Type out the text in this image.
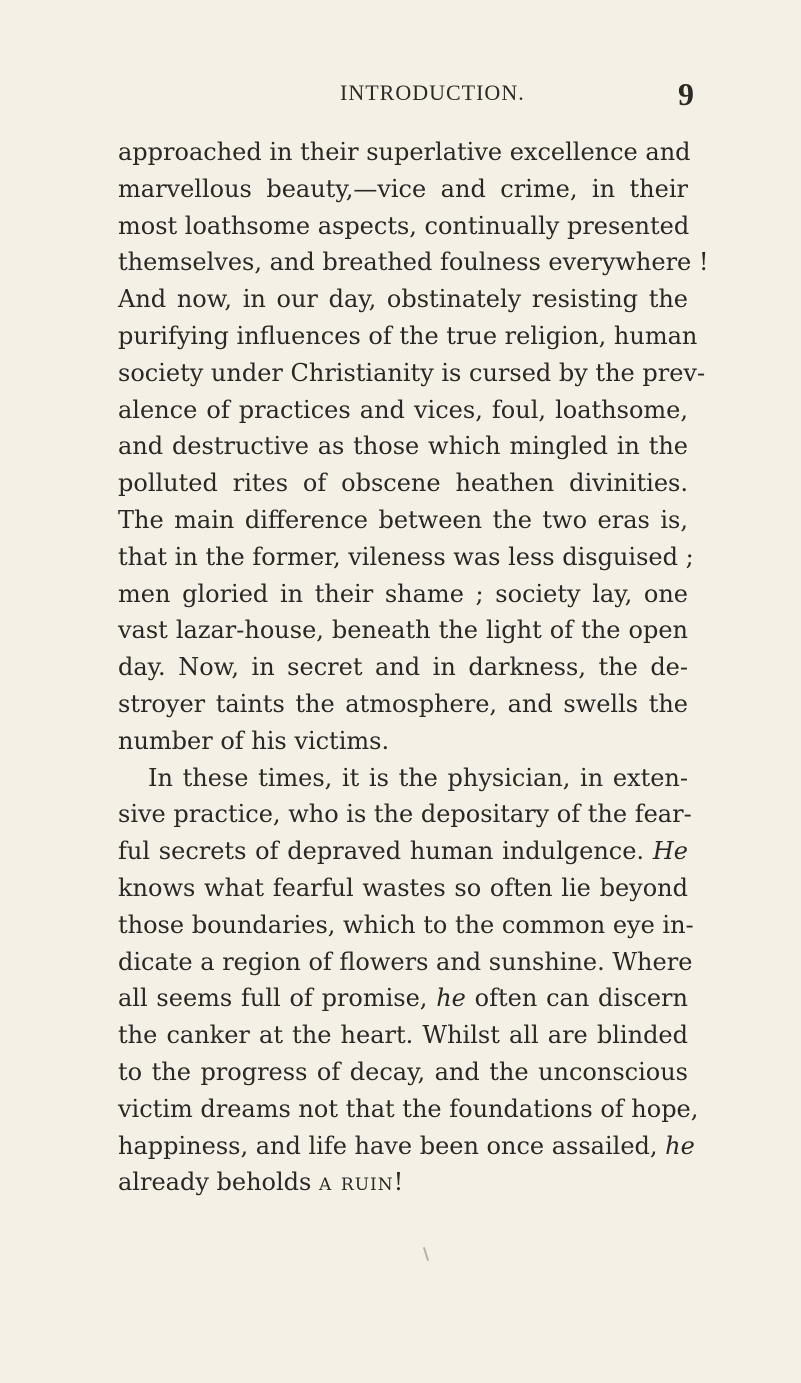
INTRODUCTION.	9
approached in their superlative excellence and
marvellous beauty,—vice and crime, in their
most loathsome aspects, continually presented
themselves, and breathed foulness everywhere !
And now, in our day, obstinately resisting the
purifying influences of the true religion, human
society under Christianity is cursed by the prev-
alence of practices and vices, foul, loathsome,
and destructive as those which mingled in the
polluted rites of obscene heathen divinities.
The main difference between the two eras is,
that in the former, vileness was less disguised ;
men gloried in their shame ; society lay, one
vast lazar-house, beneath the light of the open
day. Now, in secret and in darkness, the de-
stroyer taints the atmosphere, and swells the
number of his victims.
In these times, it is the physician, in exten-
sive practice, who is the depositary of the fear-
ful secrets of depraved human indulgence. He
knows what fearful wastes so often lie beyond
those boundaries, which to the common eye in-
dicate a region of flowers and sunshine. Where
all seems full of promise, he often can discern
the canker at the heart. Whilst all are blinded
to the progress of decay, and the unconscious
victim dreams not that the foundations of hope,
happiness, and life have been once assailed, he
already beholds a ruin!
